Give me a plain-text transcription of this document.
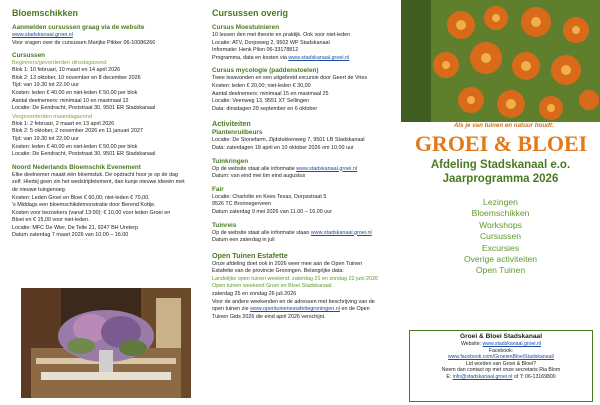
Bloemschikken
Aanmelden cursussen graag via de website

www.stadskanaal.groei.nl

Voor vragen over de cursussen Marijke Pikker 06-10086266

Cursussen
Beginners/gevorderden dinsdagavond

Blok 1: 10 februari, 10 maart en 14 april 2026

Blok 2: 13 oktober, 10 november en 8 december 2026

Tijd: van 19.30 tot 22.00 uur

Kosten: leden € 40,00 en niet-leden € 50,00 per blok

Aantal deelnemers: minimaal 10 en maximaal 12

Locatie: De Eendracht, Poststraat 30, 9501 ER Stadskanaal

Vergevorderden maandagavond

Blok 1: 2 februari, 2 maart en 13 april 2026

Blok 2: 5 oktober, 2 november 2026 en 11 januari 2027

Tijd: van 19.30 tot 22.00 uur

Kosten: leden € 40,00 en niet-leden € 50,00 per blok

Locatie: De Eendracht, Poststraat 30, 9501 ER Stadskanaal

Noord Nederlands Bloemschik Evenement

Elke deelnemer maakt één bloemstuk. De opdracht hoor je op de dag

zelf. Hierbij geen zin het wedstrijdelement, dan kunje nieuwe ideeën met

de nieuwe tuingenoeg.

Kosten: Leden Groei en Bloei € 60,00; niet-leden € 70,00.

's Middags een bloemschikdemonstratie door Berend Kottje.

Kosten voor bezoekers (vanaf 13:00): € 10,00 voor leden Groei en

Bloei en € 15,00 voor niet-leden.

Locatie: MFC De Wier, De Telle 21, 9247 BH Ureterp

Datum zaterdag 7 maart 2026 van 10.00 – 16.00

Cursussen overig
Cursus Moestuinieren

10 lessen den met theorie en praktijk. Ook voor niet-leden

Locatie: ATV, Dorpsweg 2, 9502 WP Stadskanaal

Informatie: Henk Pilon 06-33178812

Programma, data en kosten via www.stadskanaal.groei.nl

Cursus mycologie (paddenstoelen)

Twee lesavonden en een uitgebreid excursie door Geert de Vries

Kosten: leden € 20,00; niet-leden € 30,00

Aantal deelnemers: minimaal 15 en maximaal 25

Locatie: Veenweg 13, 9551 XT Sellingen

Data: dinsdagen 29 september en 6 oktober

Activiteiten
Plantenruilbeurs

Locatie: De Stonefarm, Zijdstukkenweg 7, 9501 LB Stadskanaal

Data: zaterdagen 18 april en 10 oktober 2026 om 10.00 uur

Tuinkringen

Op de website staat alle informatie www.stadskanaal.groei.nl

Datum: van eind mei tim eind augustus

Fair

Locatie: Charlotte en Kees Texas, Dorpsstraat 5

9526 TC Bronnegerveen

Datum zaterdag 9 mei 2026 van 11.00 – 16.00 uur

Tuinreis

Op de website staat alle informatie staan www.stadskanaal.groei.nl

Datum een zaterdag in juli

Open Tuinen Estafette

Onze afdeling doet ook in 2026 weer mee aan de Open Tuinen

Estafette van de provincie Groningen. Belangrijke data:

Landelijke open tuinen weekend: zaterdag 21 en zondag 22 juni 2026

Open tuinen weekend Groei en Bloei Stadskanaal:

zaterdag 25 en zondag 26 juli 2026

Voor de andere weekenden en de adressen met beschrijving van de

open tuinen zie www.opentuinenestafettegroningen.nl en de Open

Tuinen Gids 2026 die eind april 2026 verschijnt.

Als je van tuinen en natuur houdt:
GROEI & BLOEI
Afdeling Stadskanaal e.o.
Jaarprogramma 2026
Lezingen
Bloemschikken
Workshops
Cursussen
Excursies
Overige activiteiten
Open Tuinen

Groei & Bloei Stadskanaal

Website: www.stadskanaal.groei.nl

Facebook:

www.facebook.com/GroeienBloeiStadskanaal/

Lid worden van Groei & Bloei?

Neem dan contact op met onze secretaris Ria Blom

E: info@stadskanaal.groei.nl of T: 06-13169800
